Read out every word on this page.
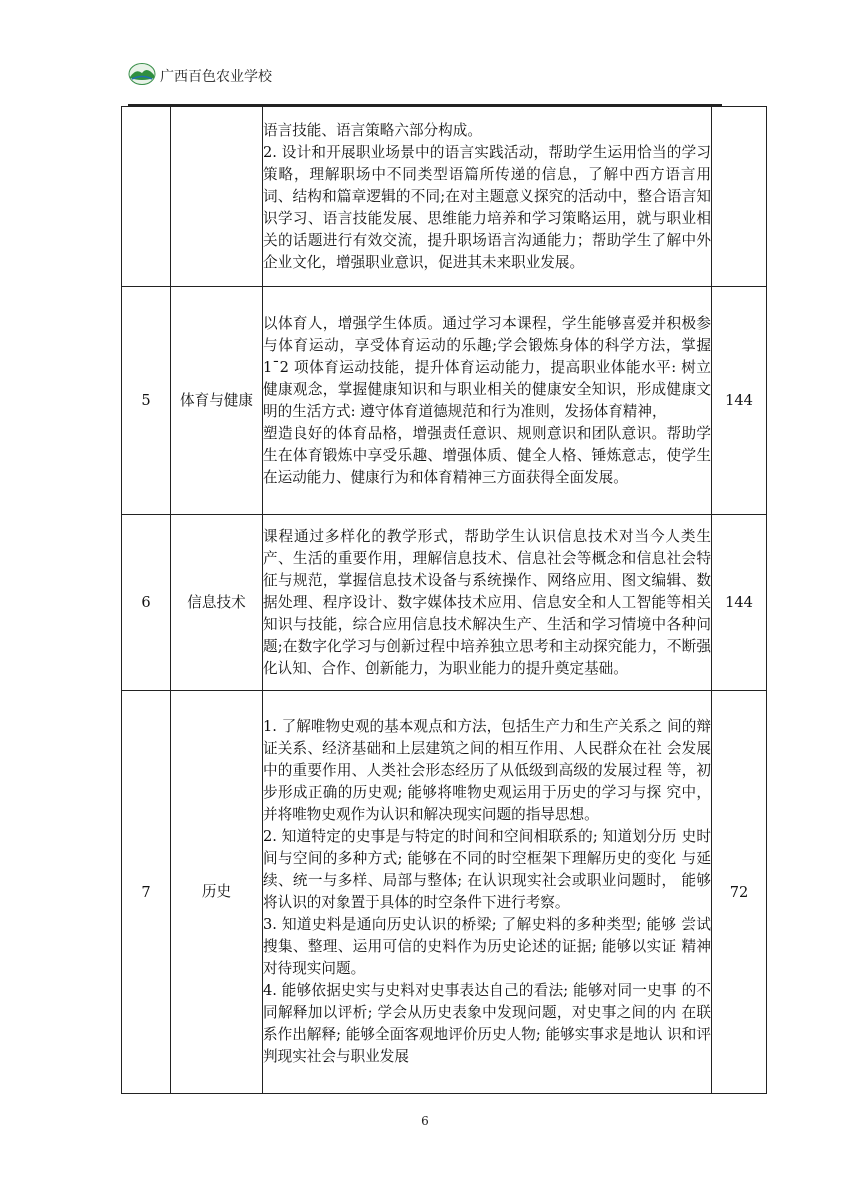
广西百色农业学校

		语言技能、语言策略六部分构成。

2. 设计和开展职业场景中的语言实践活动，帮助学生运用恰当的学习策略，理解职场中不同类型语篇所传递的信息，了解中西方语言用词、结构和篇章逻辑的不同;在对主题意义探究的活动中，整合语言知识学习、语言技能发展、思维能力培养和学习策略运用，就与职业相关的话题进行有效交流，提升职场语言沟通能力；帮助学生了解中外企业文化，增强职业意识，促进其未来职业发展。	

5	体育与健康	以体育人，增强学生体质。通过学习本课程，学生能够喜爱并积极参与体育运动，享受体育运动的乐趣;学会锻炼身体的科学方法，掌握 1ˉ2 项体育运动技能，提升体育运动能力，提高职业体能水平: 树立健康观念，掌握健康知识和与职业相关的健康安全知识，形成健康文明的生活方式: 遵守体育道德规范和行为准则，发扬体育精神，

塑造良好的体育品格，增强责任意识、规则意识和团队意识。帮助学生在体育锻炼中享受乐趣、增强体质、健全人格、锤炼意志，使学生在运动能力、健康行为和体育精神三方面获得全面发展。	144
6	信息技术	课程通过多样化的教学形式，帮助学生认识信息技术对当今人类生产、生活的重要作用，理解信息技术、信息社会等概念和信息社会特征与规范，掌握信息技术设备与系统操作、网络应用、图文编辑、数据处理、程序设计、数字媒体技术应用、信息安全和人工智能等相关知识与技能，综合应用信息技术解决生产、生活和学习情境中各种问题;在数字化学习与创新过程中培养独立思考和主动探究能力，不断强化认知、合作、创新能力，为职业能力的提升奠定基础。	144
7	历史	1. 了解唯物史观的基本观点和方法，包括生产力和生产关系之 间的辩证关系、经济基础和上层建筑之间的相互作用、人民群众在社 会发展中的重要作用、人类社会形态经历了从低级到高级的发展过程 等，初步形成正确的历史观; 能够将唯物史观运用于历史的学习与探 究中，并将唯物史观作为认识和解决现实问题的指导思想。

2. 知道特定的史事是与特定的时间和空间相联系的; 知道划分历 史时间与空间的多种方式; 能够在不同的时空框架下理解历史的变化 与延续、统一与多样、局部与整体; 在认识现实社会或职业问题时， 能够将认识的对象置于具体的时空条件下进行考察。

3. 知道史料是通向历史认识的桥梁; 了解史料的多种类型; 能够 尝试搜集、整理、运用可信的史料作为历史论述的证据; 能够以实证 精神对待现实问题。

4. 能够依据史实与史料对史事表达自己的看法; 能够对同一史事 的不同解释加以评析; 学会从历史表象中发现问题，对史事之间的内 在联系作出解释; 能够全面客观地评价历史人物; 能够实事求是地认 识和评判现实社会与职业发展	72
6
